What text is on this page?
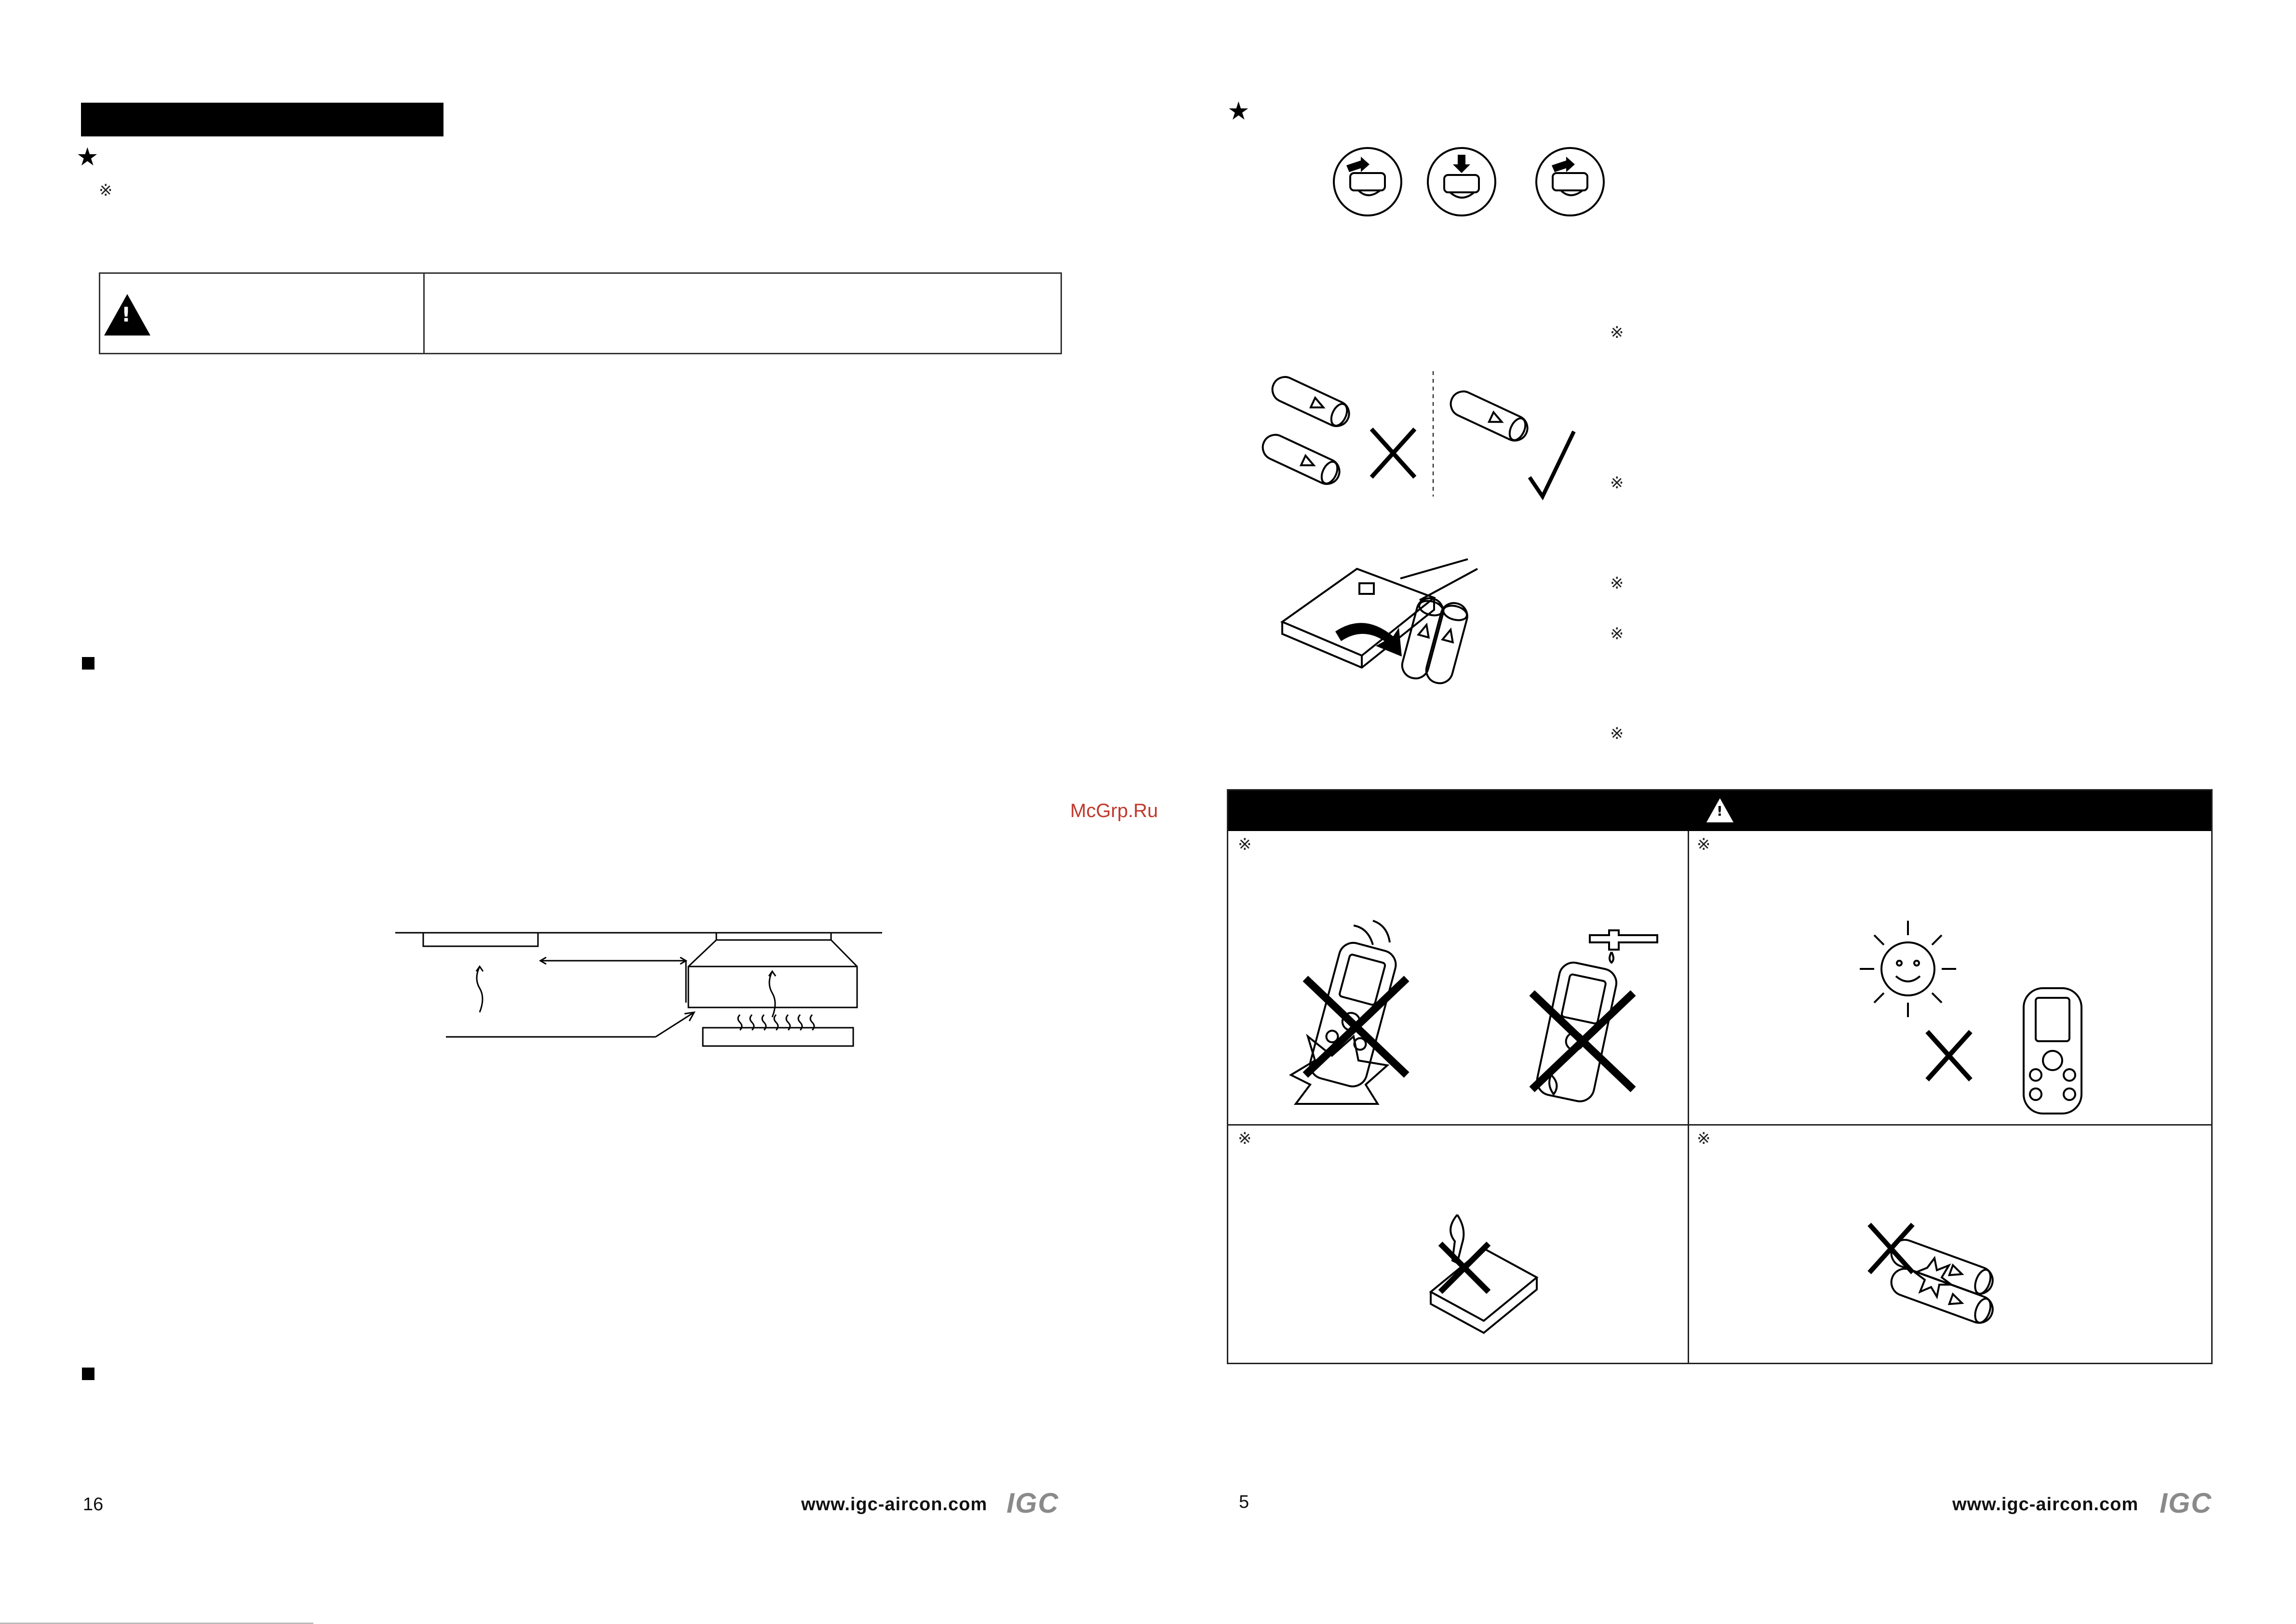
★
※
!
16	www.igc-aircon.com IGC
★
※
※
※
※
※
McGrp.Ru	!
※	※
※	※
5	www.igc-aircon.com IGC
